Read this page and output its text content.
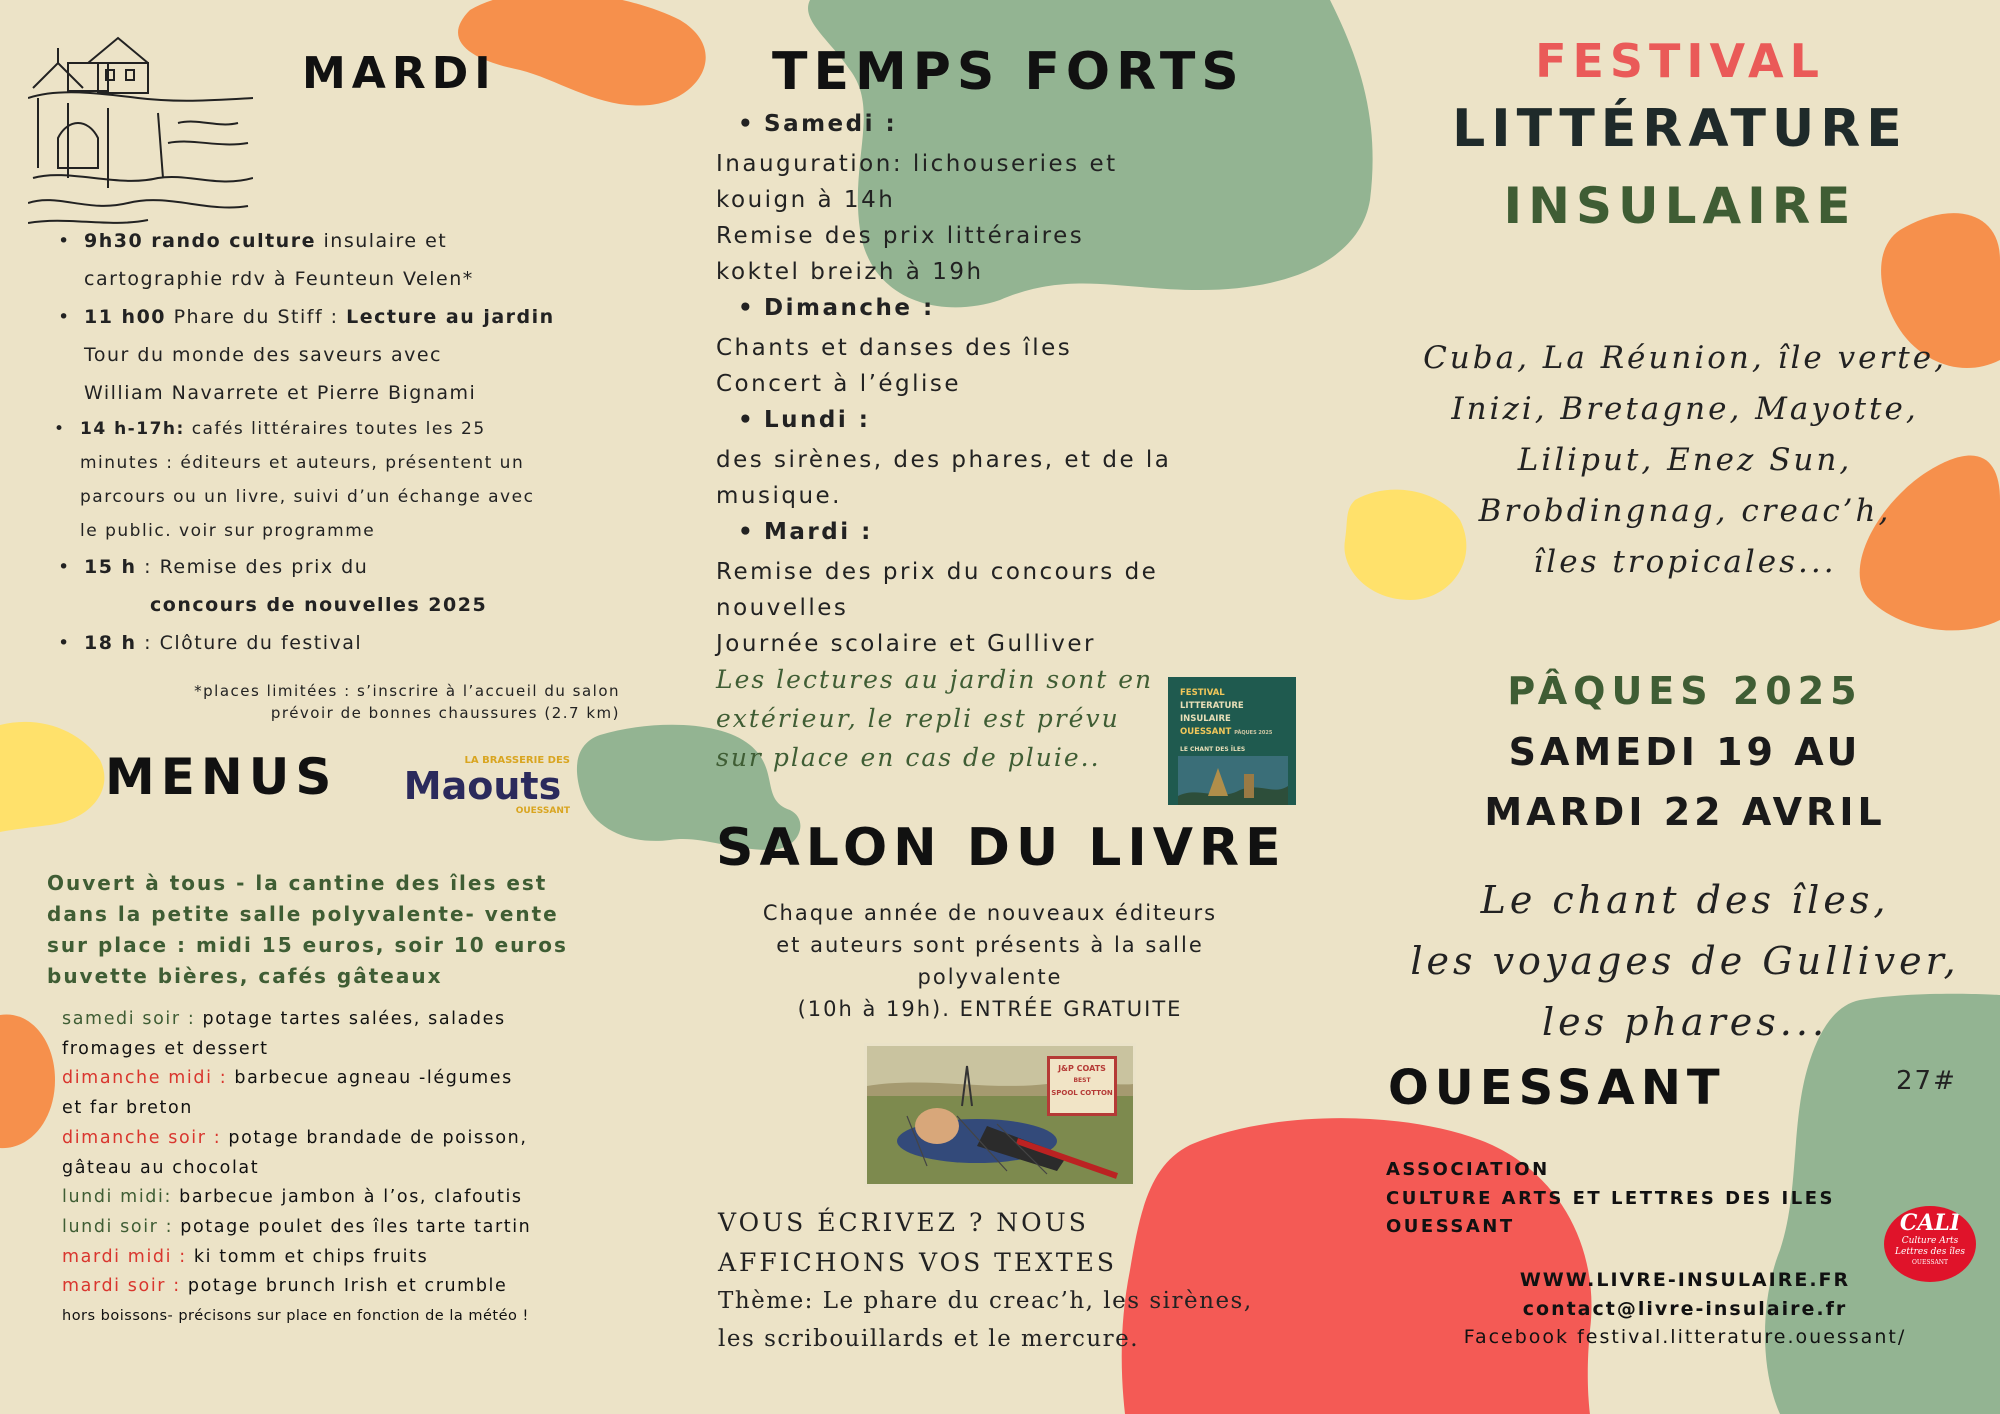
MARDI
• 9h30 rando culture insulaire et
cartographie rdv à Feunteun Velen*
• 11 h00 Phare du Stiff : Lecture au jardin
Tour du monde des saveurs avec
William Navarrete et Pierre Bignami
• 14 h-17h: cafés littéraires toutes les 25
minutes : éditeurs et auteurs, présentent un
parcours ou un livre, suivi d’un échange avec
le public. voir sur programme
• 15 h : Remise des prix du
concours de nouvelles 2025
• 18 h : Clôture du festival
*places limitées : s’inscrire à l’accueil du salon
prévoir de bonnes chaussures (2.7 km)
MENUS	LA BRASSERIE DES
Maouts
OUESSANT
Ouvert à tous - la cantine des îles est
dans la petite salle polyvalente- vente
sur place : midi 15 euros, soir 10 euros
buvette bières, cafés gâteaux
samedi soir : potage tartes salées, salades
fromages et dessert
dimanche midi : barbecue agneau -légumes
et far breton
dimanche soir : potage brandade de poisson,
gâteau au chocolat
lundi midi: barbecue jambon à l’os, clafoutis
lundi soir : potage poulet des îles tarte tartin
mardi midi : ki tomm et chips fruits
mardi soir : potage brunch Irish et crumble
hors boissons- précisons sur place en fonction de la météo !
TEMPS FORTS
• Samedi :
Inauguration: lichouseries et
kouign à 14h
Remise des prix littéraires
koktel breizh à 19h
• Dimanche :
Chants et danses des îles
Concert à l’église
• Lundi :
des sirènes, des phares, et de la
musique.
• Mardi :
Remise des prix du concours de
nouvelles
Journée scolaire et Gulliver
Les lectures au jardin sont en
extérieur, le repli est prévu
sur place en cas de pluie..
FESTIVAL
LITTERATURE
INSULAIRE
OUESSANT PÂQUES 2025
LE CHANT DES ÎLES
SALON DU LIVRE
Chaque année de nouveaux éditeurs
et auteurs sont présents à la salle
polyvalente
(10h à 19h). ENTRÉE GRATUITE
J&P COATS
BEST
SPOOL COTTON
VOUS ÉCRIVEZ ? NOUS
AFFICHONS VOS TEXTES
Thème: Le phare du creac’h, les sirènes,
les scribouillards et le mercure.
FESTIVAL
LITTÉRATURE
INSULAIRE
Cuba, La Réunion, île verte,
Inizi, Bretagne, Mayotte,
Liliput, Enez Sun,
Brobdingnag, creac’h,
îles tropicales...
PÂQUES 2025
SAMEDI 19 AU
MARDI 22 AVRIL
Le chant des îles,
les voyages de Gulliver,
les phares...
OUESSANT	27#
ASSOCIATION
CULTURE ARTS ET LETTRES DES ILES
OUESSANT	CALI
Culture Arts
Lettres des îles
OUESSANT
WWW.LIVRE-INSULAIRE.FR
contact@livre-insulaire.fr
Facebook festival.litterature.ouessant/
